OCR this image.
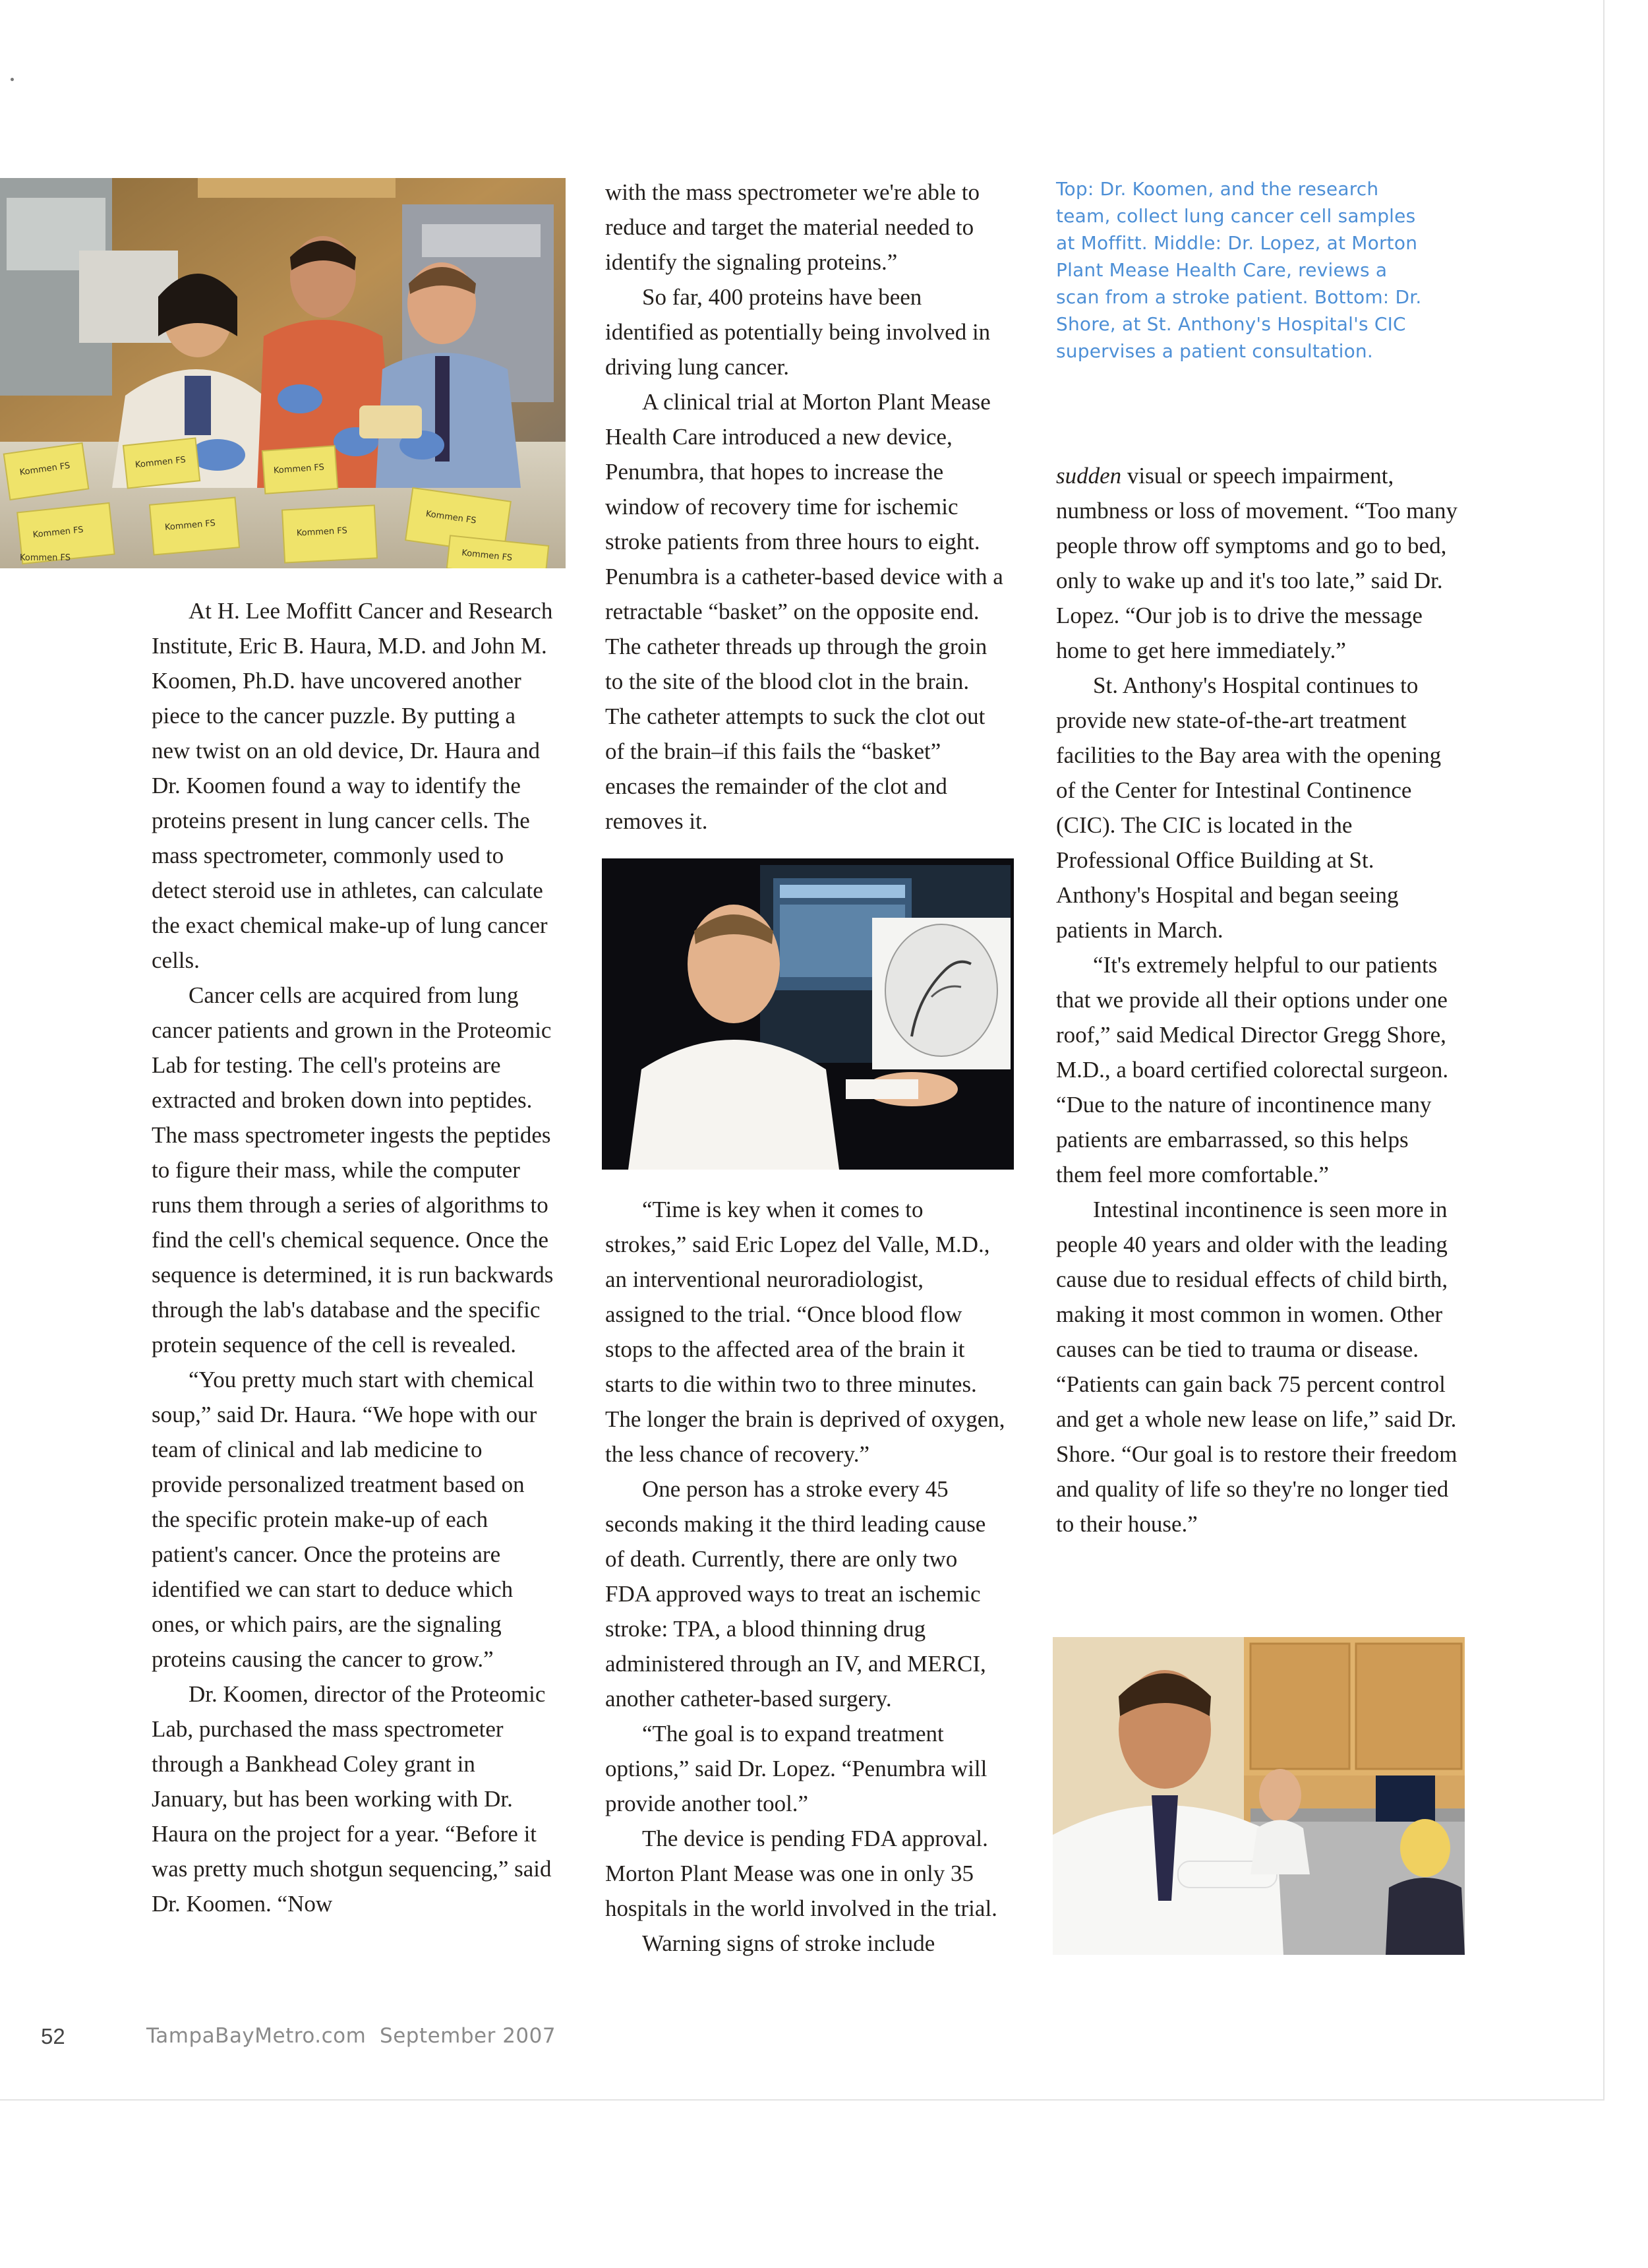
Kommen FS	Kommen FS	Kommen FS
Kommen FS	Kommen FS	Kommen FS
Kommen FS
Kommen FS
Kommen FS
Top: Dr. Koomen, and the research team, collect lung cancer cell samples at Moffitt. Middle: Dr. Lopez, at Morton Plant Mease Health Care, reviews a scan from a stroke patient. Bottom: Dr. Shore, at St. Anthony's Hospital's CIC supervises a patient consultation.

At H. Lee Moffitt Cancer and Research Institute, Eric B. Haura, M.D. and John M. Koomen, Ph.D. have uncovered another piece to the cancer puzzle. By putting a new twist on an old device, Dr. Haura and Dr. Koomen found a way to identify the proteins present in lung cancer cells. The mass spectrometer, commonly used to detect steroid use in athletes, can calculate the exact chemical make-up of lung cancer cells.

Cancer cells are acquired from lung cancer patients and grown in the Proteomic Lab for testing. The cell's proteins are extracted and broken down into peptides. The mass spectrometer ingests the peptides to figure their mass, while the computer runs them through a series of algorithms to find the cell's chemical sequence. Once the sequence is determined, it is run backwards through the lab's database and the specific protein sequence of the cell is revealed.

“You pretty much start with chemical soup,” said Dr. Haura. “We hope with our team of clinical and lab medicine to provide personalized treatment based on the specific protein make-up of each patient's cancer. Once the proteins are identified we can start to deduce which ones, or which pairs, are the signaling proteins causing the cancer to grow.”

Dr. Koomen, director of the Proteomic Lab, purchased the mass spectrometer through a Bankhead Coley grant in January, but has been working with Dr. Haura on the project for a year. “Before it was pretty much shotgun sequencing,” said Dr. Koomen. “Now

with the mass spectrometer we're able to reduce and target the material needed to identify the signaling proteins.”

So far, 400 proteins have been identified as potentially being involved in driving lung cancer.

A clinical trial at Morton Plant Mease Health Care introduced a new device, Penumbra, that hopes to increase the window of recovery time for ischemic stroke patients from three hours to eight. Penumbra is a catheter-based device with a retractable “basket” on the opposite end. The catheter threads up through the groin to the site of the blood clot in the brain. The catheter attempts to suck the clot out of the brain–if this fails the “basket” encases the remainder of the clot and removes it.

“Time is key when it comes to strokes,” said Eric Lopez del Valle, M.D., an interventional neuroradiologist, assigned to the trial. “Once blood flow stops to the affected area of the brain it starts to die within two to three minutes. The longer the brain is deprived of oxygen, the less chance of recovery.”

One person has a stroke every 45 seconds making it the third leading cause of death. Currently, there are only two FDA approved ways to treat an ischemic stroke: TPA, a blood thinning drug administered through an IV, and MERCI, another catheter-based surgery.

“The goal is to expand treatment options,” said Dr. Lopez. “Penumbra will provide another tool.”

The device is pending FDA approval. Morton Plant Mease was one in only 35 hospitals in the world involved in the trial.

Warning signs of stroke include

sudden visual or speech impairment, numbness or loss of movement. “Too many people throw off symptoms and go to bed, only to wake up and it's too late,” said Dr. Lopez. “Our job is to drive the message home to get here immediately.”

St. Anthony's Hospital continues to provide new state-of-the-art treatment facilities to the Bay area with the opening of the Center for Intestinal Continence (CIC). The CIC is located in the Professional Office Building at St. Anthony's Hospital and began seeing patients in March.

“It's extremely helpful to our patients that we provide all their options under one roof,” said Medical Director Gregg Shore, M.D., a board certified colorectal surgeon. “Due to the nature of incontinence many patients are embarrassed, so this helps them feel more comfortable.”

Intestinal incontinence is seen more in people 40 years and older with the leading cause due to residual effects of child birth, making it most common in women. Other causes can be tied to trauma or disease. “Patients can gain back 75 percent control and get a whole new lease on life,” said Dr. Shore. “Our goal is to restore their freedom and quality of life so they're no longer tied to their house.”

52	TampaBayMetro.com  September 2007
